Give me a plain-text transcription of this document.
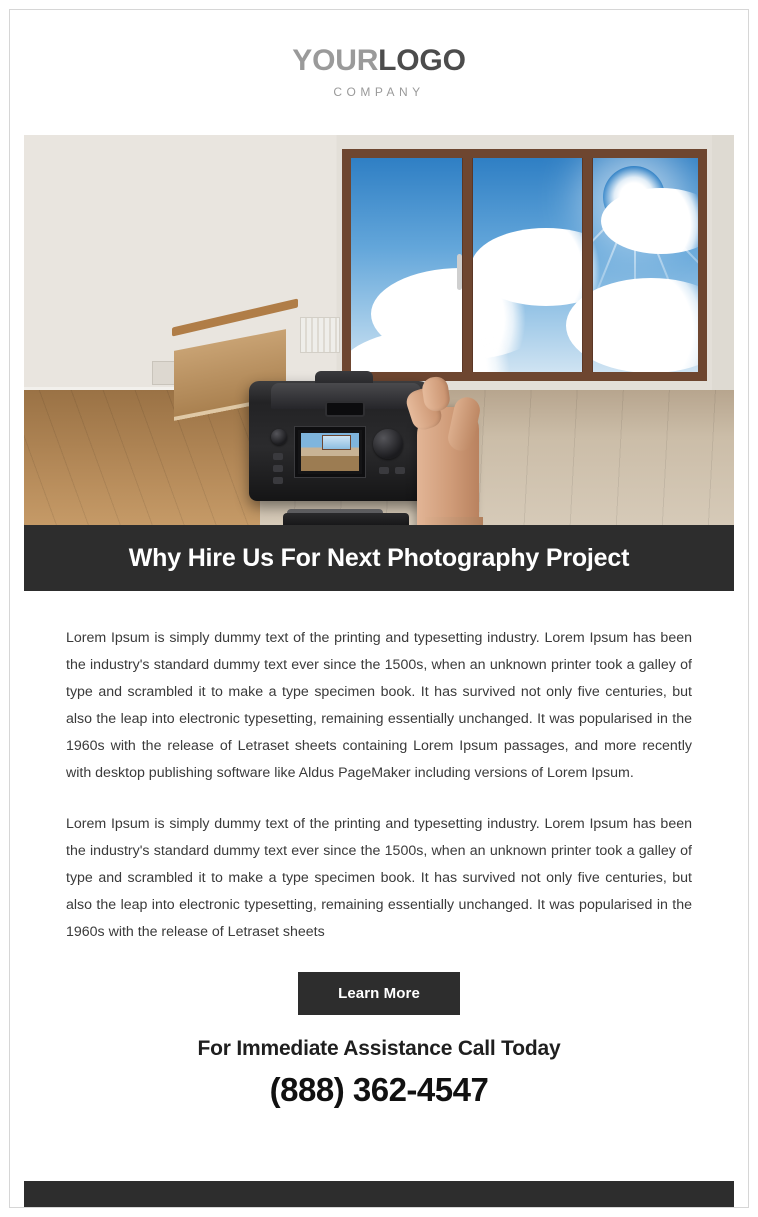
YOURLOGO
COMPANY
Why Hire Us For Next Photography Project

Lorem Ipsum is simply dummy text of the printing and typesetting industry. Lorem Ipsum has been the industry's standard dummy text ever since the 1500s, when an unknown printer took a galley of type and scrambled it to make a type specimen book. It has survived not only five centuries, but also the leap into electronic typesetting, remaining essentially unchanged. It was popularised in the 1960s with the release of Letraset sheets containing Lorem Ipsum passages, and more recently with desktop publishing software like Aldus PageMaker including versions of Lorem Ipsum.

Lorem Ipsum is simply dummy text of the printing and typesetting industry. Lorem Ipsum has been the industry's standard dummy text ever since the 1500s, when an unknown printer took a galley of type and scrambled it to make a type specimen book. It has survived not only five centuries, but also the leap into electronic typesetting, remaining essentially unchanged. It was popularised in the 1960s with the release of Letraset sheets

Learn More
For Immediate Assistance Call Today
(888) 362-4547
